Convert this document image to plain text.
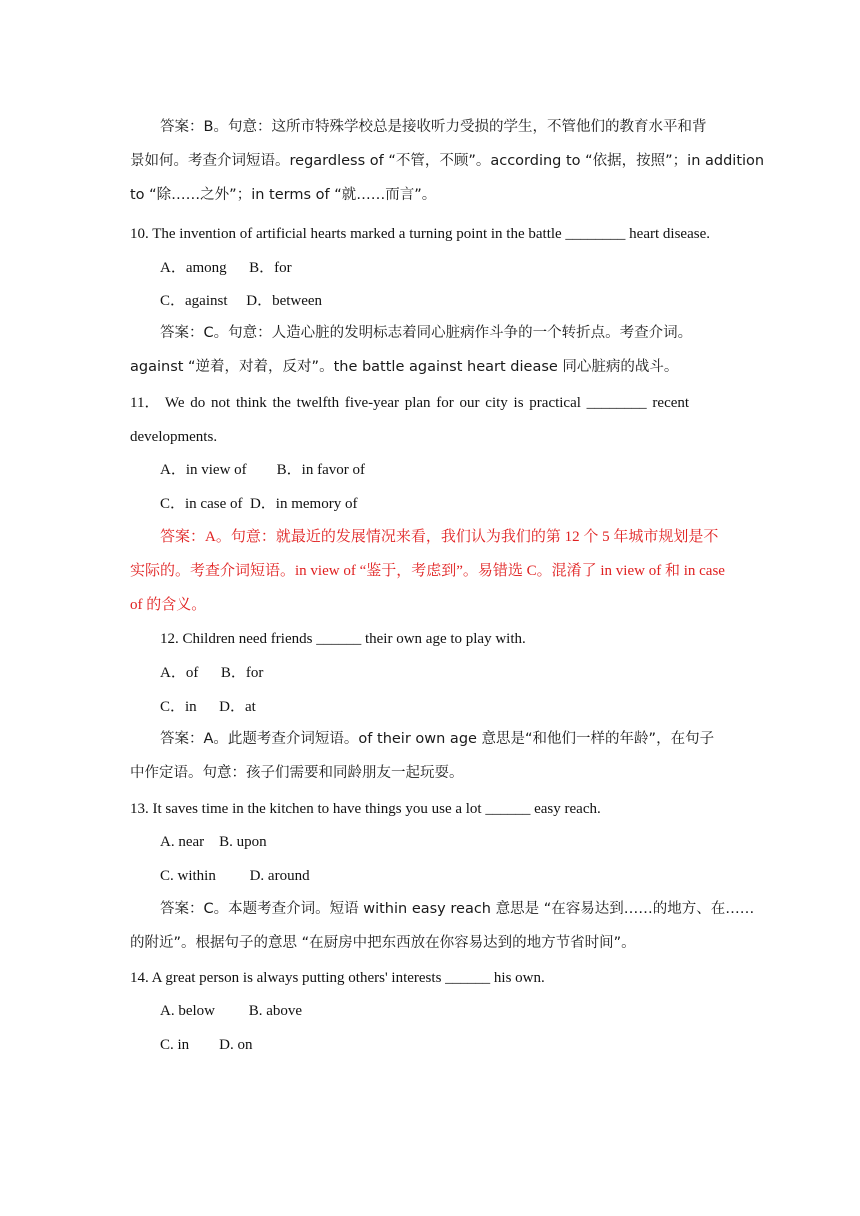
答案：B。句意：这所市特殊学校总是接收听力受损的学生，不管他们的教育水平和背
景如何。考查介词短语。regardless of “不管，不顾”。according to “依据，按照”；in addition
to “除……之外”；in terms of “就……而言”。
10. The invention of artificial hearts marked a turning point in the battle ________ heart disease.
A．among      B．for
C．against     D．between
答案：C。句意：人造心脏的发明标志着同心脏病作斗争的一个转折点。考查介词。
against “逆着，对着，反对”。the battle against heart diease 同心脏病的战斗。
11． We do not think the twelfth five-year plan for our city is practical ________ recent
developments.
A．in view of        B．in favor of
C．in case of  D．in memory of
答案：A。句意：就最近的发展情况来看，我们认为我们的第 12 个 5 年城市规划是不
实际的。考查介词短语。in view of “鉴于，考虑到”。易错选 C。混淆了 in view of 和 in case
of 的含义。
12. Children need friends ______ their own age to play with.
A．of      B．for
C．in      D．at
答案：A。此题考查介词短语。of their own age 意思是“和他们一样的年龄”，在句子
中作定语。句意：孩子们需要和同龄朋友一起玩耍。
13. It saves time in the kitchen to have things you use a lot ______ easy reach.
A. near    B. upon
C. within         D. around
答案：C。本题考查介词。短语 within easy reach 意思是 “在容易达到……的地方、在……
的附近”。根据句子的意思 “在厨房中把东西放在你容易达到的地方节省时间”。
14. A great person is always putting others' interests ______ his own.
A. below         B. above
C. in        D. on
